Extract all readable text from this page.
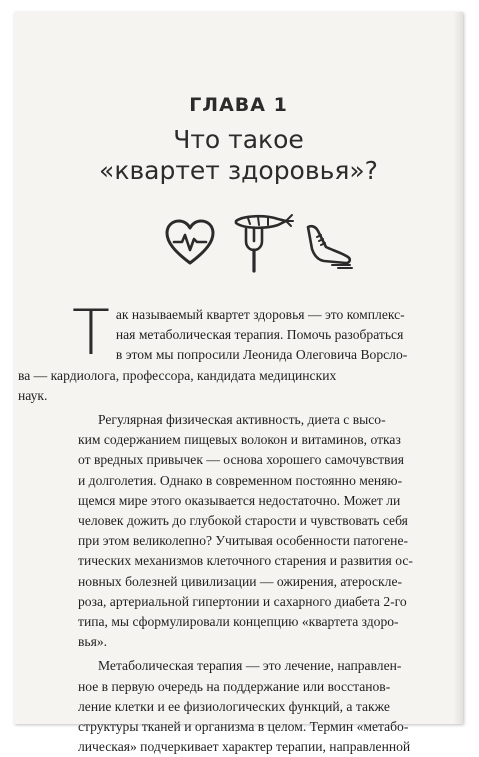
ГЛАВА 1
Что такое
«квартет здоровья»?
Т ак называемый квартет здоровья — это комплекс-
ная метаболическая терапия. Помочь разобраться
в этом мы попросили Леонида Олеговича Ворсло-
ва — кардиолога, профессора, кандидата медицинских
наук.
Регулярная физическая активность, диета с высо-
ким содержанием пищевых волокон и витаминов, отказ
от вредных привычек — основа хорошего самочувствия
и долголетия. Однако в современном постоянно меняю-
щемся мире этого оказывается недостаточно. Может ли
человек дожить до глубокой старости и чувствовать себя
при этом великолепно? Учитывая особенности патогене-
тических механизмов клеточного старения и развития ос-
новных болезней цивилизации — ожирения, атеросклe-
роза, артериальной гипертонии и сахарного диабета 2-го
типа, мы сформулировали концепцию «квартета здоро-
вья».
Метаболическая терапия — это лечение, направлен-
ное в первую очередь на поддержание или восстанов-
ление клетки и ее физиологических функций, а также
структуры тканей и организма в целом. Термин «метабо-
лическая» подчеркивает характер терапии, направленной
